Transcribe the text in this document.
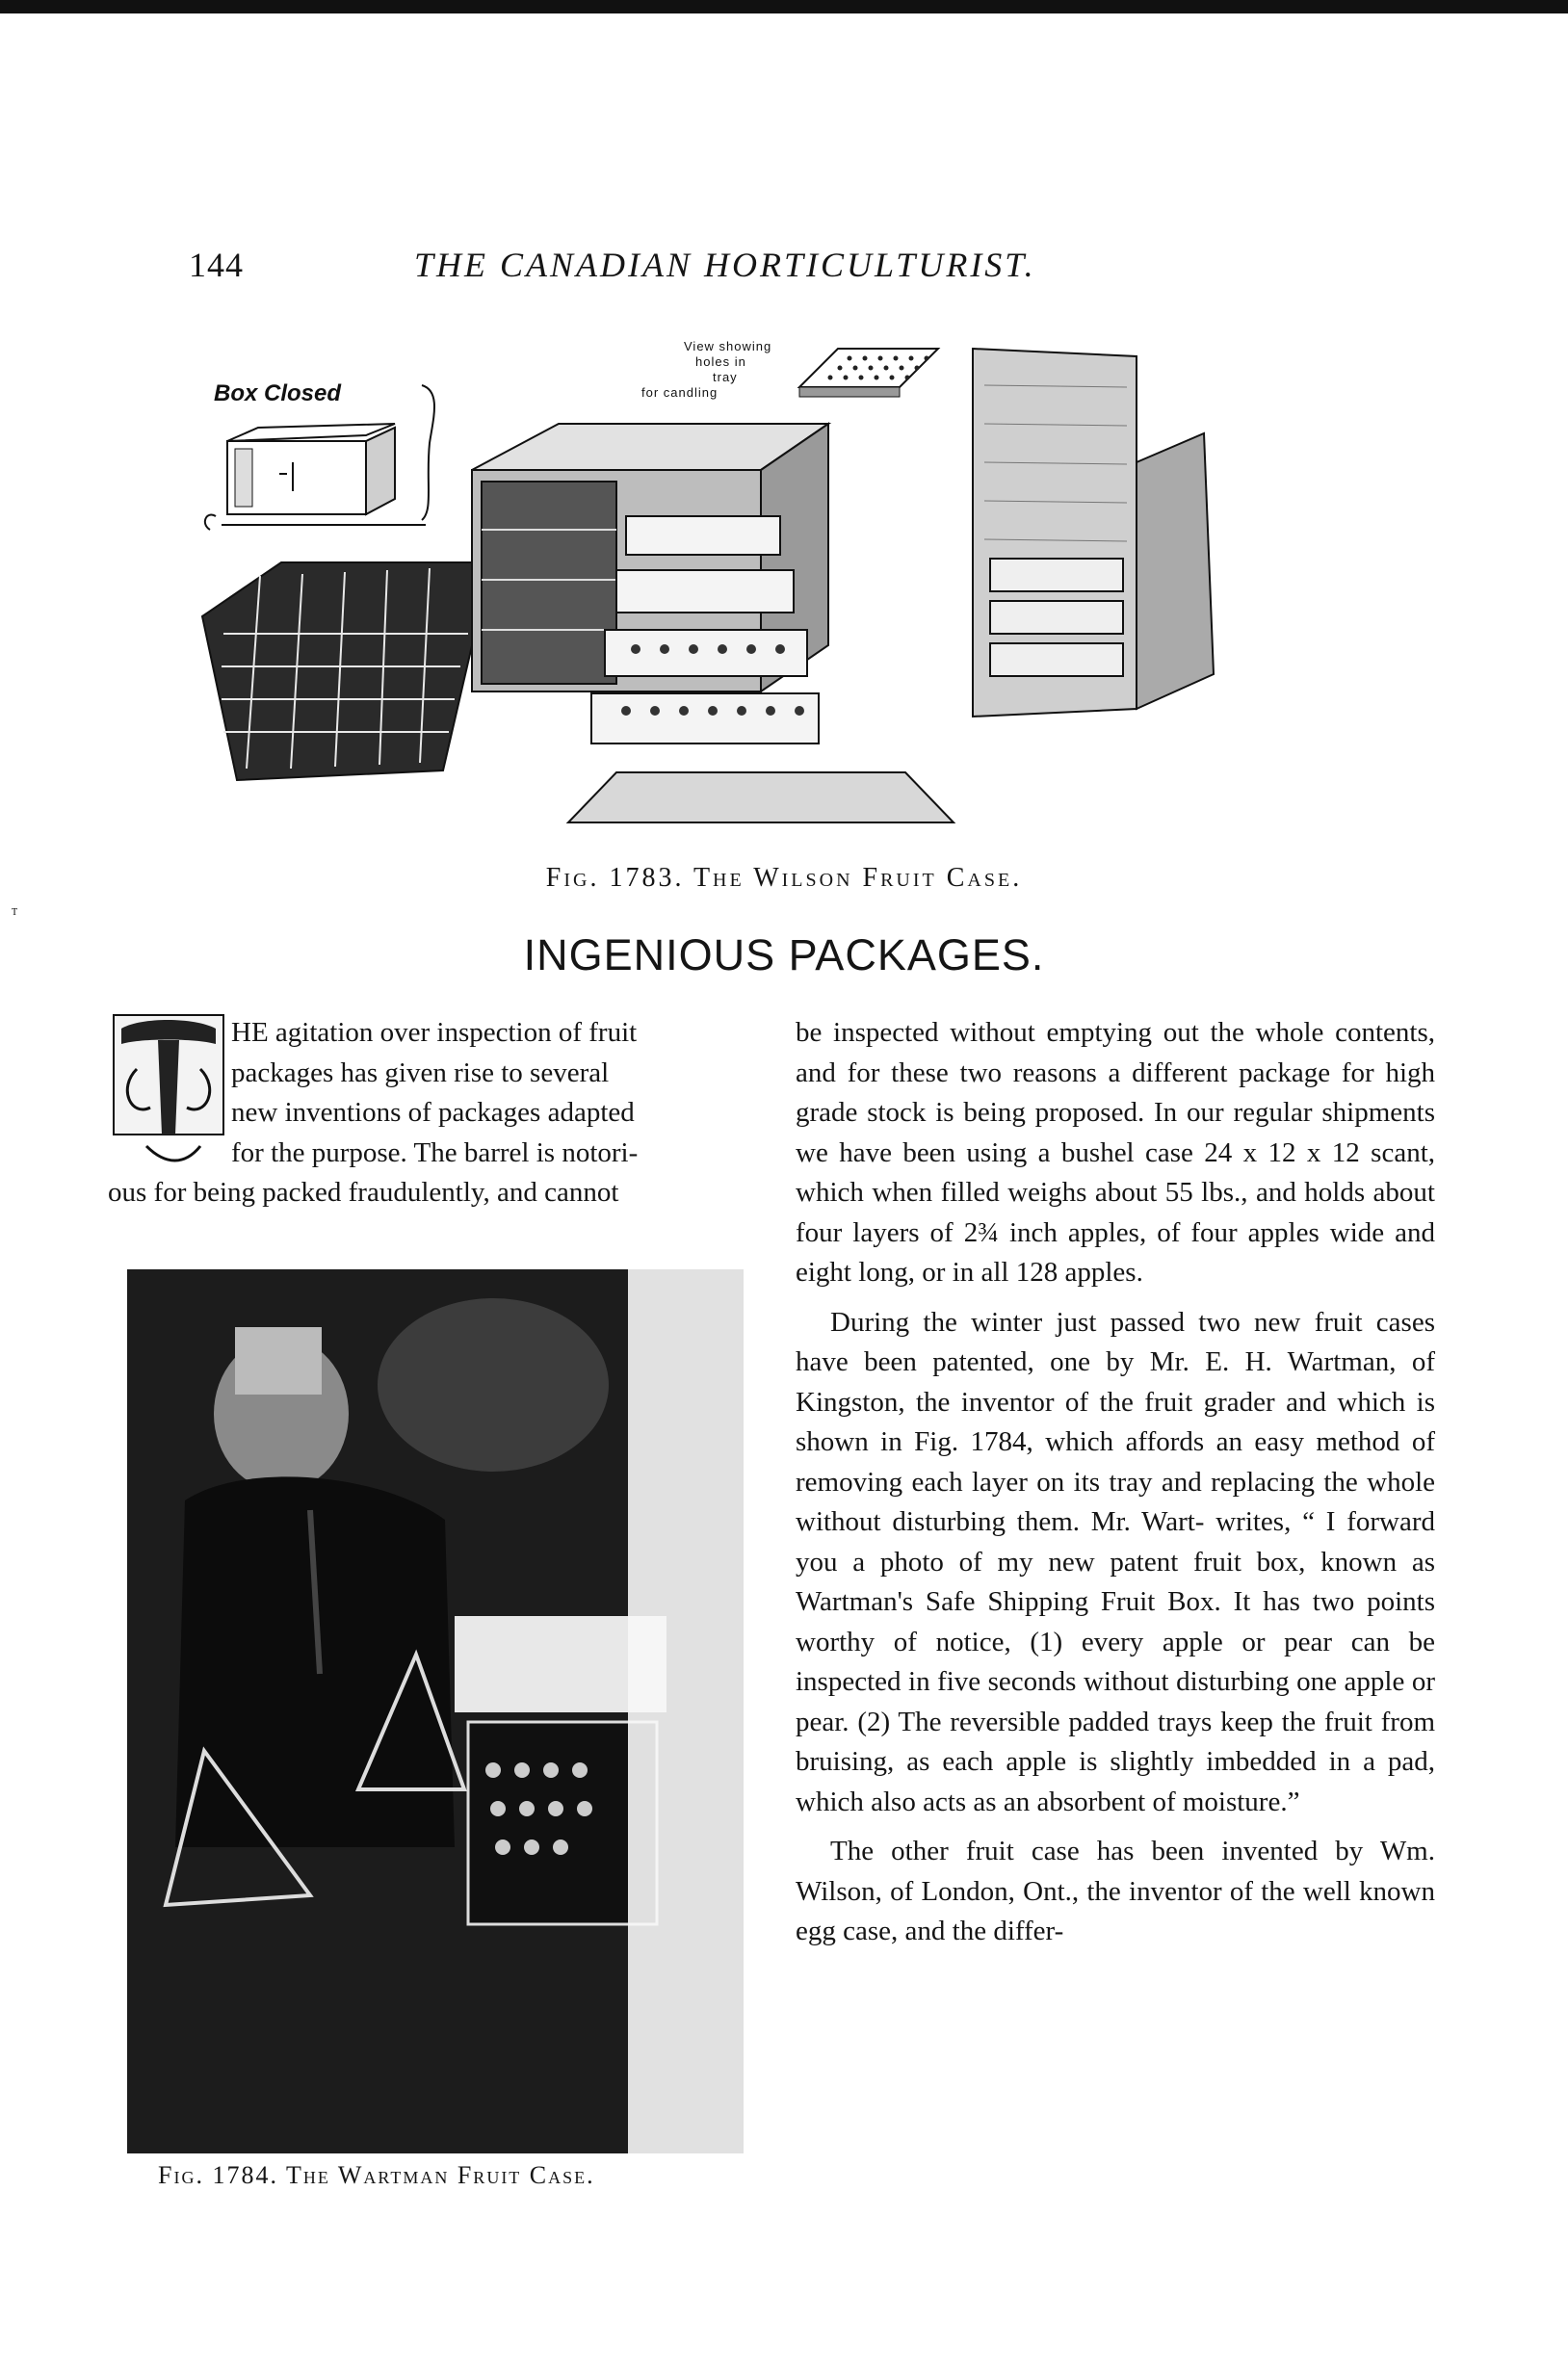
144	THE CANADIAN HORTICULTURIST.
Box Closed
View showing
holes in
tray
for candling
Fig. 1783. The Wilson Fruit Case.
INGENIOUS PACKAGES.
T

HE agitation over inspection of fruit
packages has given rise to several
new inventions of packages adapted
for the purpose. The barrel is notori-
ous for being packed fraudulently, and cannot

Fig. 1784. The Wartman Fruit Case.

be inspected without emptying out the whole contents, and for these two reasons a different package for high grade stock is being proposed. In our regular shipments we have been using a bushel case 24 x 12 x 12 scant, which when filled weighs about 55 lbs., and holds about four layers of 2¾ inch apples, of four apples wide and eight long, or in all 128 apples.

During the winter just passed two new fruit cases have been patented, one by Mr. E. H. Wartman, of Kingston, the inventor of the fruit grader and which is shown in Fig. 1784, which affords an easy method of removing each layer on its tray and replacing the whole without disturbing them. Mr. Wart- writes, “ I forward you a photo of my new patent fruit box, known as Wartman's Safe Shipping Fruit Box. It has two points worthy of notice, (1) every apple or pear can be inspected in five seconds without disturbing one apple or pear. (2) The reversible padded trays keep the fruit from bruising, as each apple is slightly imbedded in a pad, which also acts as an absorbent of moisture.”

The other fruit case has been invented by Wm. Wilson, of London, Ont., the inventor of the well known egg case, and the differ-
